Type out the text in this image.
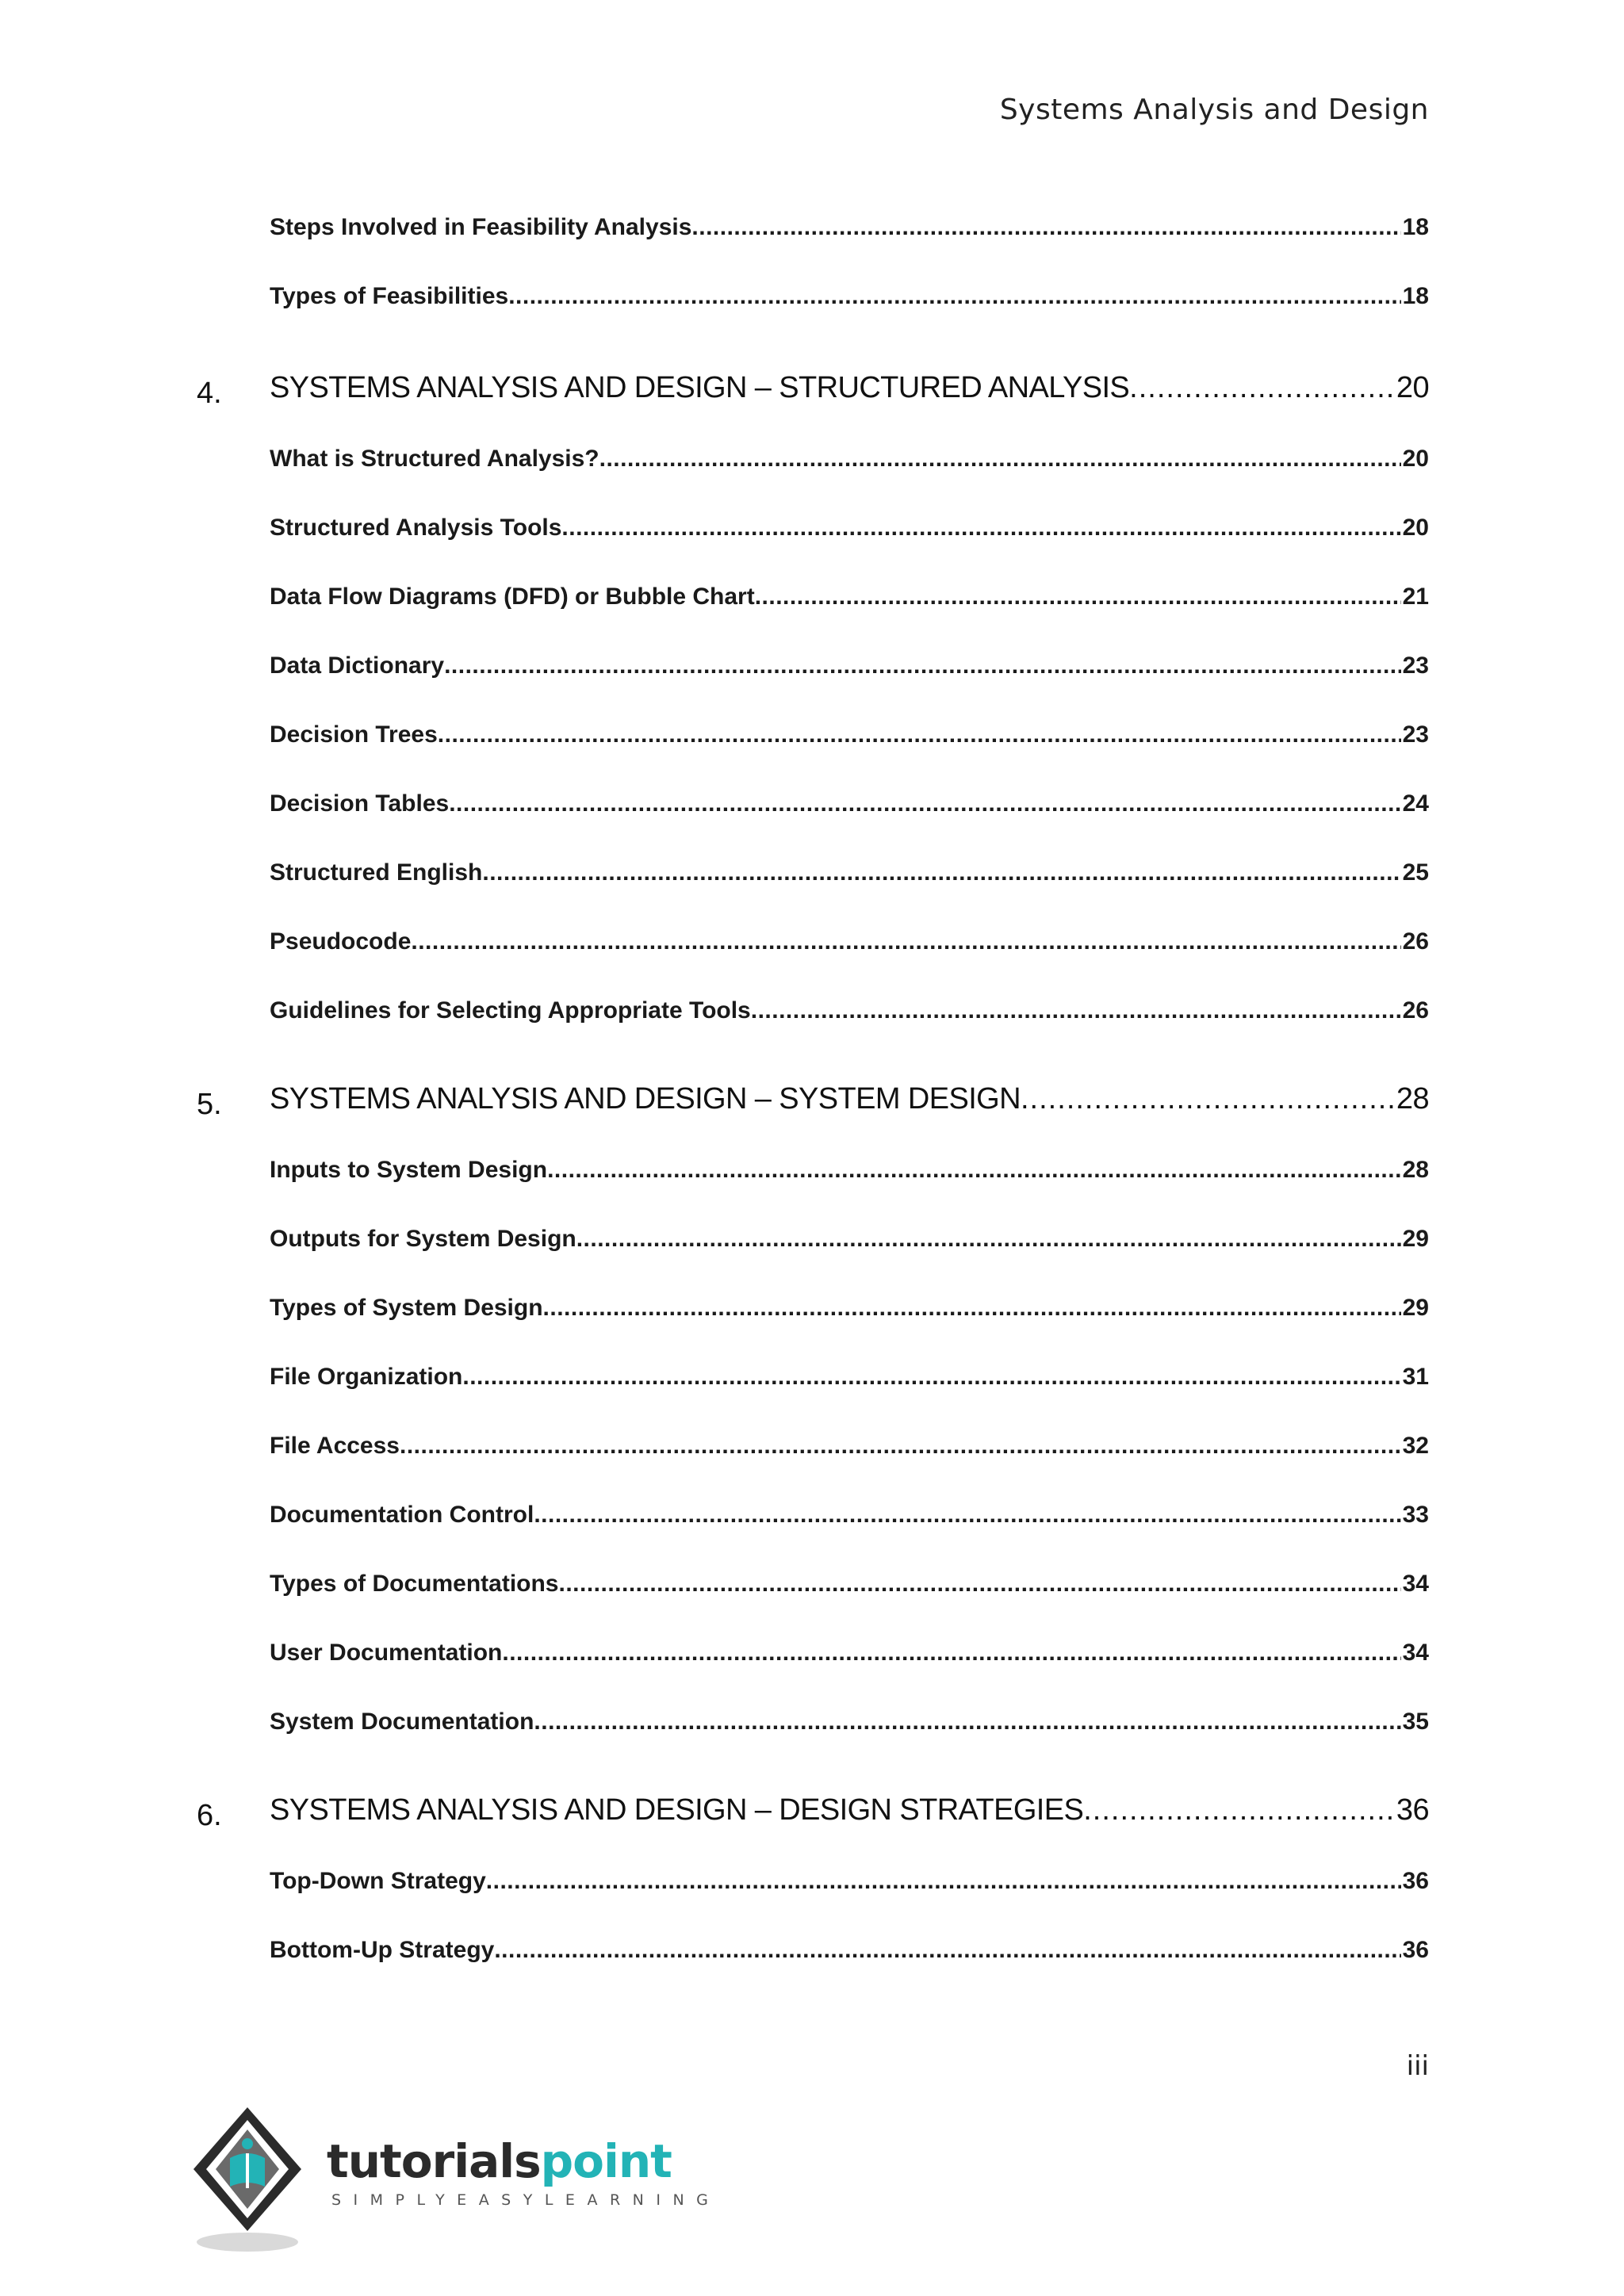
Systems Analysis and Design
Steps Involved in Feasibility Analysis .....	18
Types of Feasibilities .....	18
4. SYSTEMS ANALYSIS AND DESIGN – STRUCTURED ANALYSIS .....	20
What is Structured Analysis? .....	20
Structured Analysis Tools .....	20
Data Flow Diagrams (DFD) or Bubble Chart .....	21
Data Dictionary .....	23
Decision Trees .....	23
Decision Tables .....	24
Structured English .....	25
Pseudocode .....	26
Guidelines for Selecting Appropriate Tools .....	26
5. SYSTEMS ANALYSIS AND DESIGN – SYSTEM DESIGN .....	28
Inputs to System Design .....	28
Outputs for System Design .....	29
Types of System Design .....	29
File Organization .....	31
File Access .....	32
Documentation Control .....	33
Types of Documentations .....	34
User Documentation .....	34
System Documentation .....	35
6. SYSTEMS ANALYSIS AND DESIGN – DESIGN STRATEGIES .....	36
Top-Down Strategy .....	36
Bottom-Up Strategy .....	36
iii
tutorialspoint
SIMPLYEASYLEARNING
